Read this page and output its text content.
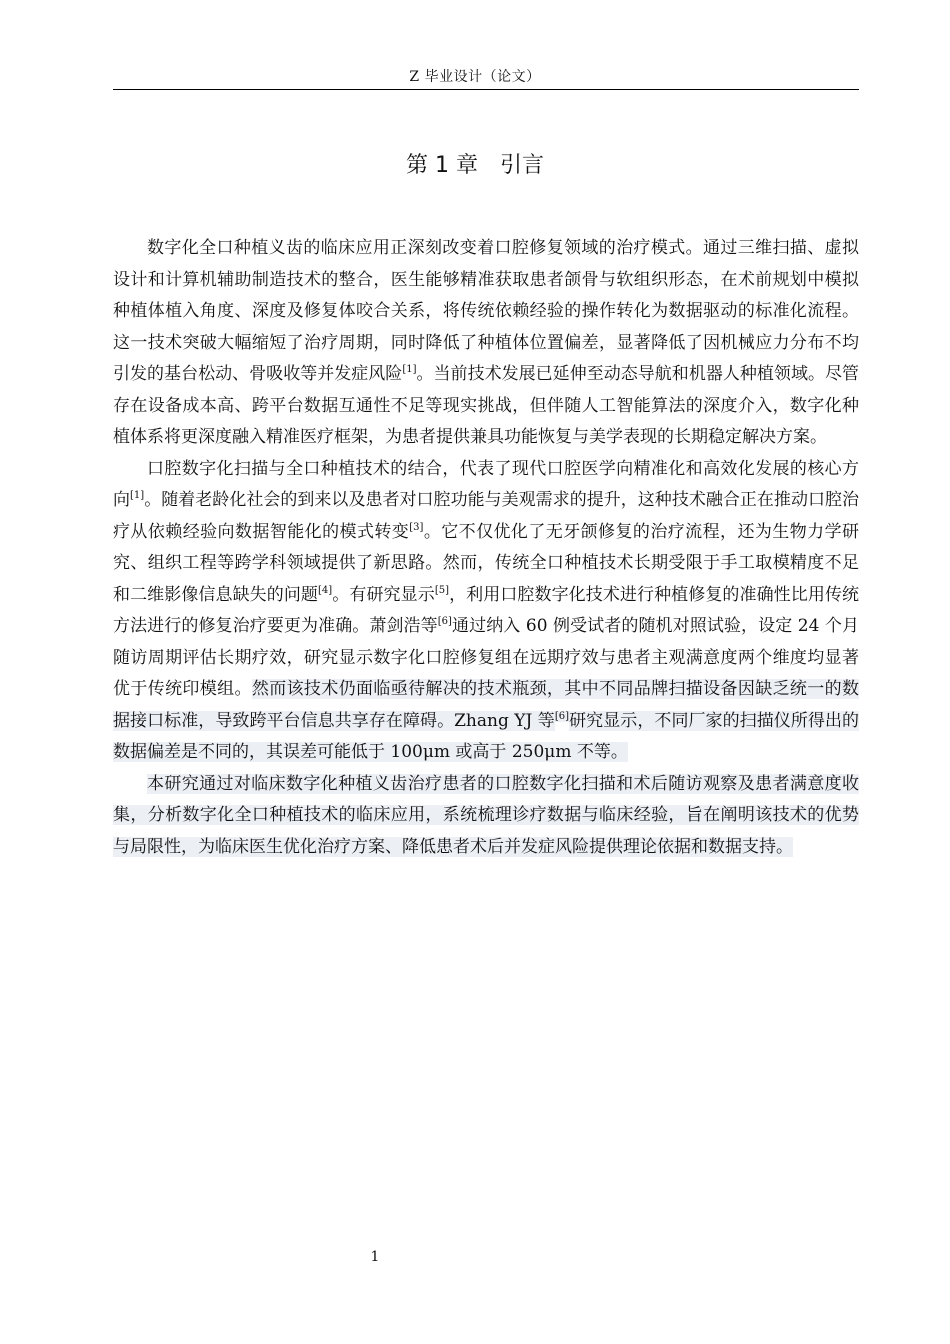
Z 毕业设计（论文）
第 1 章 引言

数字化全口种植义齿的临床应用正深刻改变着口腔修复领域的治疗模式。通过三维扫描、虚拟设计和计算机辅助制造技术的整合，医生能够精准获取患者颌骨与软组织形态，在术前规划中模拟种植体植入角度、深度及修复体咬合关系，将传统依赖经验的操作转化为数据驱动的标准化流程。这一技术突破大幅缩短了治疗周期，同时降低了种植体位置偏差，显著降低了因机械应力分布不均引发的基台松动、骨吸收等并发症风险[1]。当前技术发展已延伸至动态导航和机器人种植领域。尽管存在设备成本高、跨平台数据互通性不足等现实挑战，但伴随人工智能算法的深度介入，数字化种植体系将更深度融入精准医疗框架，为患者提供兼具功能恢复与美学表现的长期稳定解决方案。

口腔数字化扫描与全口种植技术的结合，代表了现代口腔医学向精准化和高效化发展的核心方向[1]。随着老龄化社会的到来以及患者对口腔功能与美观需求的提升，这种技术融合正在推动口腔治疗从依赖经验向数据智能化的模式转变[3]。它不仅优化了无牙颌修复的治疗流程，还为生物力学研究、组织工程等跨学科领域提供了新思路。然而，传统全口种植技术长期受限于手工取模精度不足和二维影像信息缺失的问题[4]。有研究显示[5]，利用口腔数字化技术进行种植修复的准确性比用传统方法进行的修复治疗要更为准确。萧剑浩等[6]通过纳入 60 例受试者的随机对照试验，设定 24 个月随访周期评估长期疗效，研究显示数字化口腔修复组在远期疗效与患者主观满意度两个维度均显著优于传统印模组。然而该技术仍面临亟待解决的技术瓶颈，其中不同品牌扫描设备因缺乏统一的数据接口标准，导致跨平台信息共享存在障碍。Zhang YJ 等[6]研究显示，不同厂家的扫描仪所得出的数据偏差是不同的，其误差可能低于 100μm 或高于 250μm 不等。

本研究通过对临床数字化种植义齿治疗患者的口腔数字化扫描和术后随访观察及患者满意度收集，分析数字化全口种植技术的临床应用，系统梳理诊疗数据与临床经验，旨在阐明该技术的优势与局限性，为临床医生优化治疗方案、降低患者术后并发症风险提供理论依据和数据支持。

1
